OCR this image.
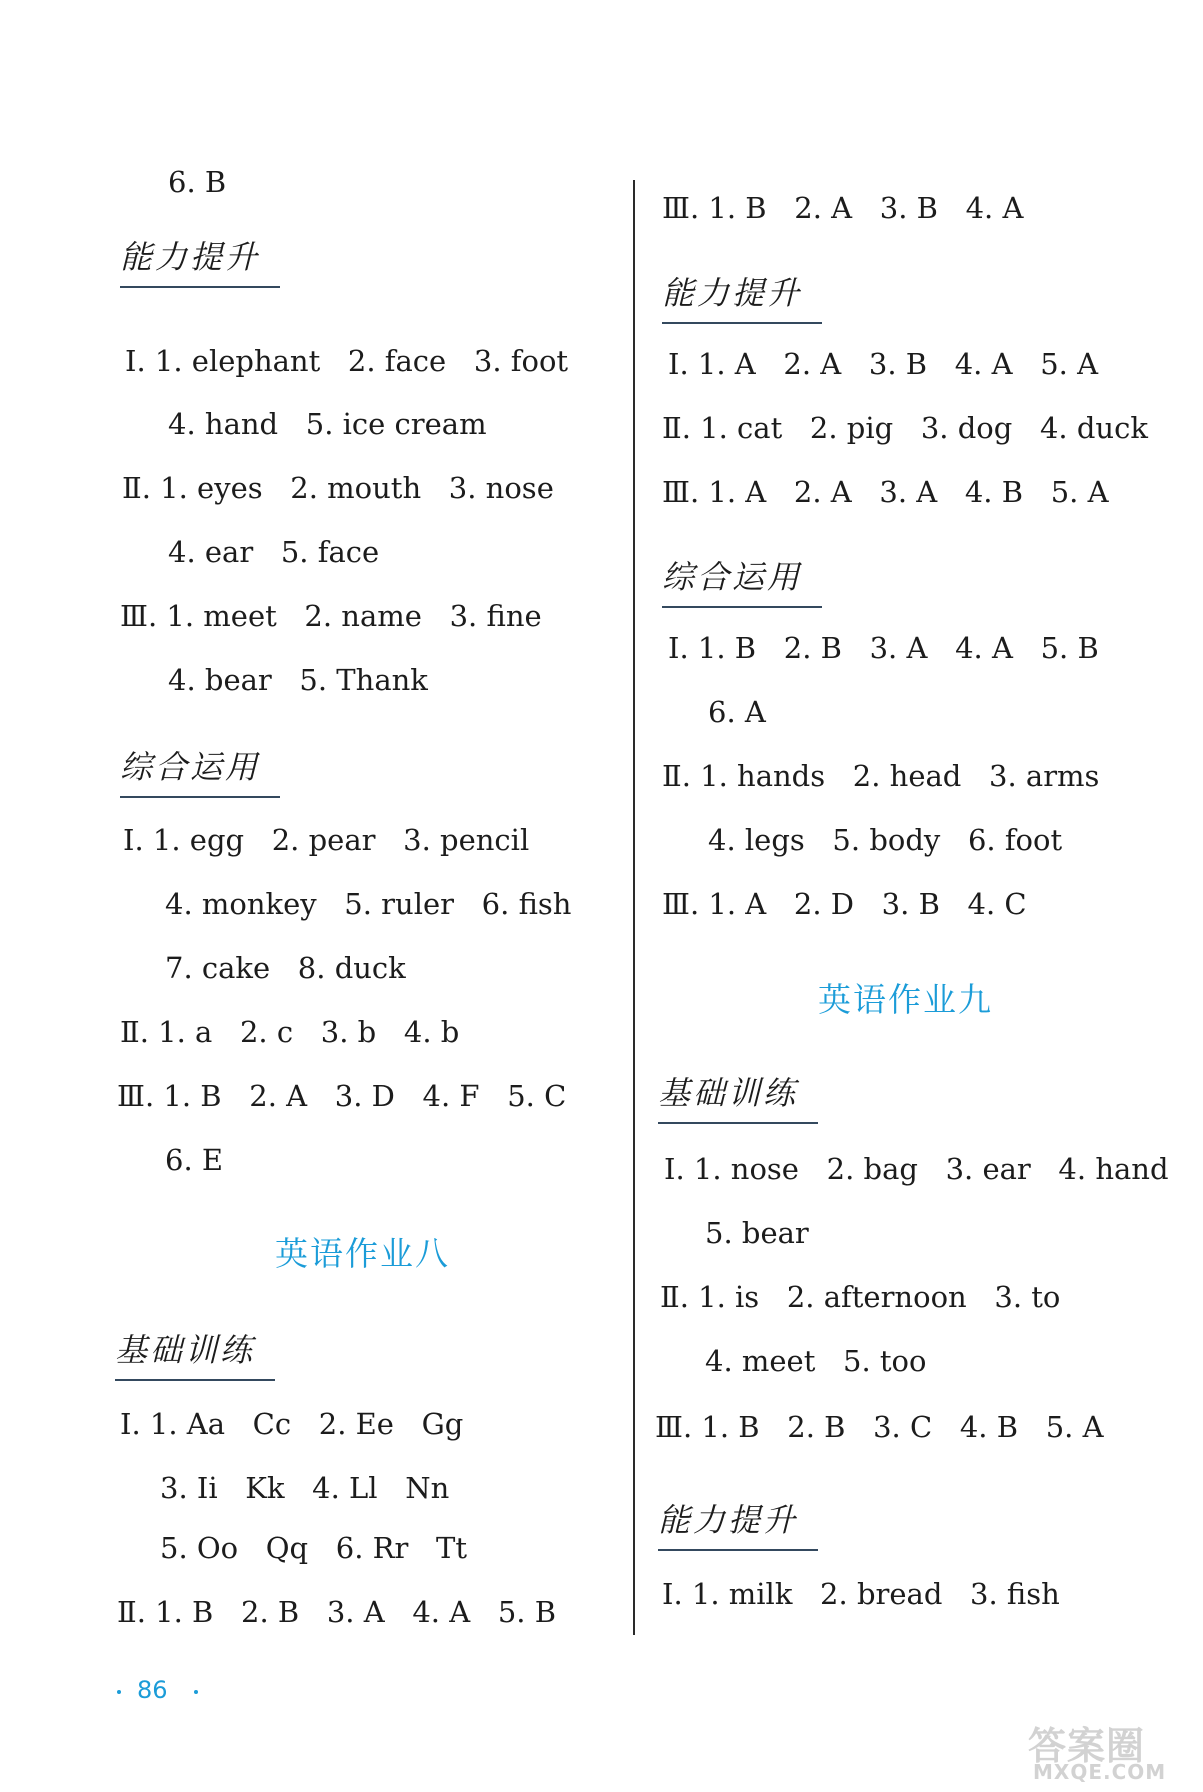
6. B
能力提升
Ⅰ. 1. elephant   2. face   3. foot
4. hand   5. ice cream
Ⅱ. 1. eyes   2. mouth   3. nose
4. ear   5. face
Ⅲ. 1. meet   2. name   3. fine
4. bear   5. Thank
综合运用
Ⅰ. 1. egg   2. pear   3. pencil
4. monkey   5. ruler   6. fish
7. cake   8. duck
Ⅱ. 1. a   2. c   3. b   4. b
Ⅲ. 1. B   2. A   3. D   4. F   5. C
6. E
英语作业八
基础训练
Ⅰ. 1. Aa   Cc   2. Ee   Gg
3. Ii   Kk   4. Ll   Nn
5. Oo   Qq   6. Rr   Tt
Ⅱ. 1. B   2. B   3. A   4. A   5. B
Ⅲ. 1. B   2. A   3. B   4. A
能力提升
Ⅰ. 1. A   2. A   3. B   4. A   5. A
Ⅱ. 1. cat   2. pig   3. dog   4. duck
Ⅲ. 1. A   2. A   3. A   4. B   5. A
综合运用
Ⅰ. 1. B   2. B   3. A   4. A   5. B
6. A
Ⅱ. 1. hands   2. head   3. arms
4. legs   5. body   6. foot
Ⅲ. 1. A   2. D   3. B   4. C
英语作业九
基础训练
Ⅰ. 1. nose   2. bag   3. ear   4. hand
5. bear
Ⅱ. 1. is   2. afternoon   3. to
4. meet   5. too
Ⅲ. 1. B   2. B   3. C   4. B   5. A
能力提升
Ⅰ. 1. milk   2. bread   3. fish
86
答案圈
MXQE.COM
